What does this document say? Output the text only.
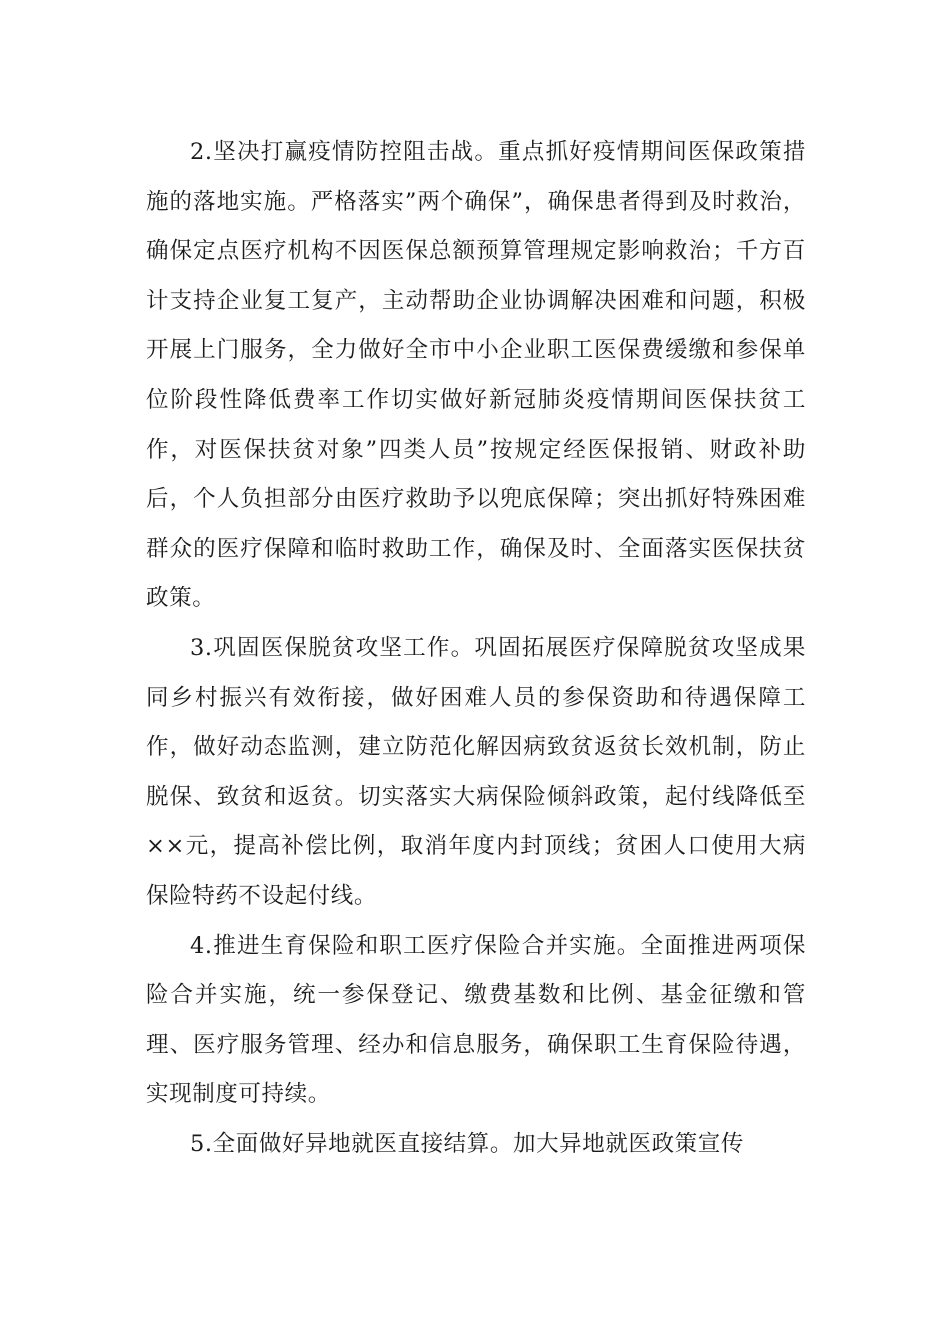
2.坚决打赢疫情防控阻击战。重点抓好疫情期间医保政策措施的落地实施。严格落实”两个确保”，确保患者得到及时救治，确保定点医疗机构不因医保总额预算管理规定影响救治；千方百计支持企业复工复产，主动帮助企业协调解决困难和问题，积极开展上门服务，全力做好全市中小企业职工医保费缓缴和参保单位阶段性降低费率工作切实做好新冠肺炎疫情期间医保扶贫工作，对医保扶贫对象”四类人员”按规定经医保报销、财政补助后，个人负担部分由医疗救助予以兜底保障；突出抓好特殊困难群众的医疗保障和临时救助工作，确保及时、全面落实医保扶贫政策。

3.巩固医保脱贫攻坚工作。巩固拓展医疗保障脱贫攻坚成果同乡村振兴有效衔接，做好困难人员的参保资助和待遇保障工作，做好动态监测，建立防范化解因病致贫返贫长效机制，防止脱保、致贫和返贫。切实落实大病保险倾斜政策，起付线降低至××元，提高补偿比例，取消年度内封顶线；贫困人口使用大病保险特药不设起付线。

4.推进生育保险和职工医疗保险合并实施。全面推进两项保险合并实施，统一参保登记、缴费基数和比例、基金征缴和管理、医疗服务管理、经办和信息服务，确保职工生育保险待遇，实现制度可持续。

5.全面做好异地就医直接结算。加大异地就医政策宣传
